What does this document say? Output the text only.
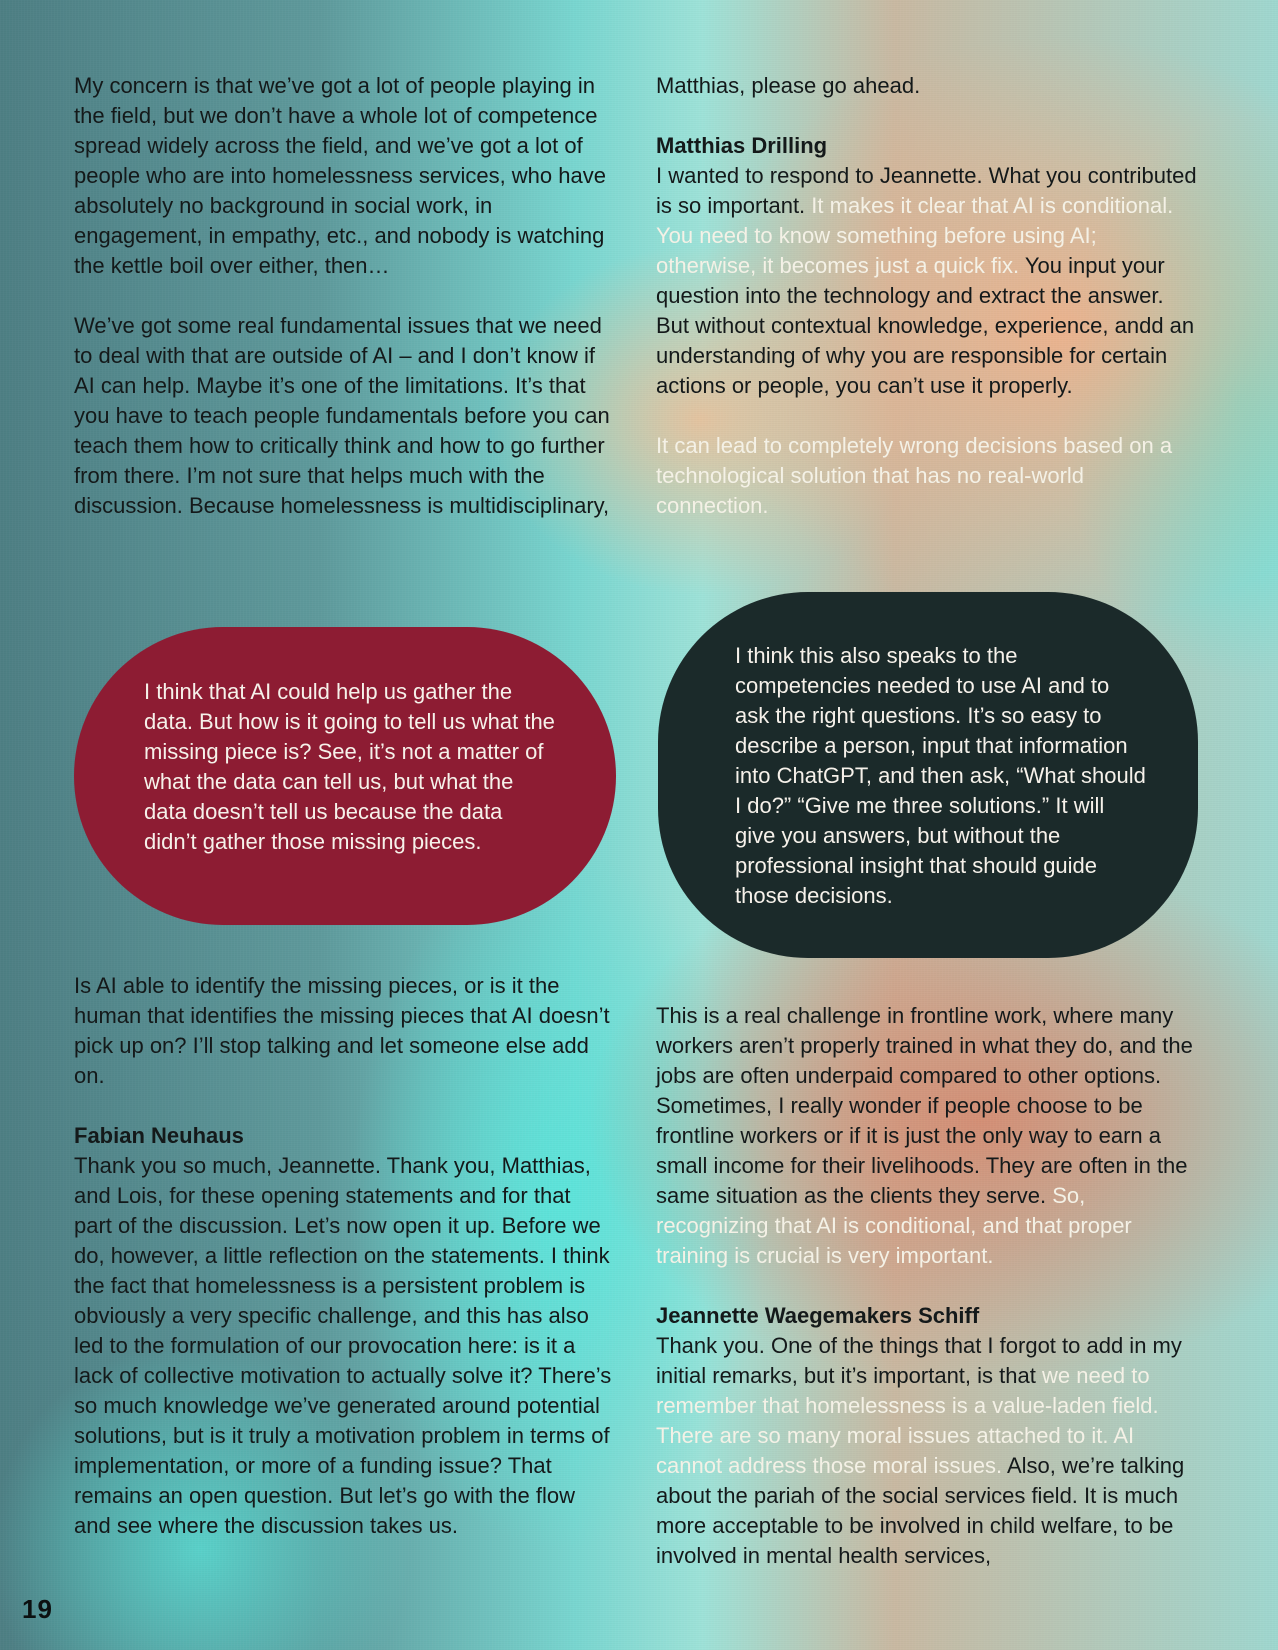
My concern is that we’ve got a lot of people playing in the field, but we don’t have a whole lot of competence spread widely across the field, and we’ve got a lot of people who are into homelessness services, who have absolutely no background in social work, in engagement, in empathy, etc., and nobody is watching the kettle boil over either, then…

We’ve got some real fundamental issues that we need to deal with that are outside of AI – and I don’t know if AI can help. Maybe it’s one of the limitations. It’s that you have to teach people fundamentals before you can teach them how to critically think and how to go further from there. I’m not sure that helps much with the discussion. Because homelessness is multidisciplinary,

Matthias, please go ahead.

Matthias Drilling
I wanted to respond to Jeannette. What you contributed is so important. It makes it clear that AI is conditional. You need to know something before using AI; otherwise, it becomes just a quick fix. You input your question into the technology and extract the answer. But without contextual knowledge, experience, andd an understanding of why you are responsible for certain actions or people, you can’t use it properly.

It can lead to completely wrong decisions based on a technological solution that has no real-world connection.

I think that AI could help us gather the data. But how is it going to tell us what the missing piece is? See, it’s not a matter of what the data can tell us, but what the data doesn’t tell us because the data didn’t gather those missing pieces.
I think this also speaks to the competencies needed to use AI and to ask the right questions. It’s so easy to describe a person, input that information into ChatGPT, and then ask, “What should I do?” “Give me three solutions.” It will give you answers, but without the professional insight that should guide those decisions.

Is AI able to identify the missing pieces, or is it the human that identifies the missing pieces that AI doesn’t pick up on? I’ll stop talking and let someone else add on.

Fabian Neuhaus
Thank you so much, Jeannette. Thank you, Matthias, and Lois, for these opening statements and for that part of the discussion. Let’s now open it up. Before we do, however, a little reflection on the statements. I think the fact that homelessness is a persistent problem is obviously a very specific challenge, and this has also led to the formulation of our provocation here: is it a lack of collective motivation to actually solve it? There’s so much knowledge we’ve generated around potential solutions, but is it truly a motivation problem in terms of implementation, or more of a funding issue? That remains an open question. But let’s go with the flow and see where the discussion takes us.

This is a real challenge in frontline work, where many workers aren’t properly trained in what they do, and the jobs are often underpaid compared to other options. Sometimes, I really wonder if people choose to be frontline workers or if it is just the only way to earn a small income for their livelihoods. They are often in the same situation as the clients they serve. So, recognizing that AI is conditional, and that proper training is crucial is very important.

Jeannette Waegemakers Schiff
Thank you. One of the things that I forgot to add in my initial remarks, but it’s important, is that we need to remember that homelessness is a value-laden field. There are so many moral issues attached to it. AI cannot address those moral issues. Also, we’re talking about the pariah of the social services field. It is much more acceptable to be involved in child welfare, to be involved in mental health services,

19
